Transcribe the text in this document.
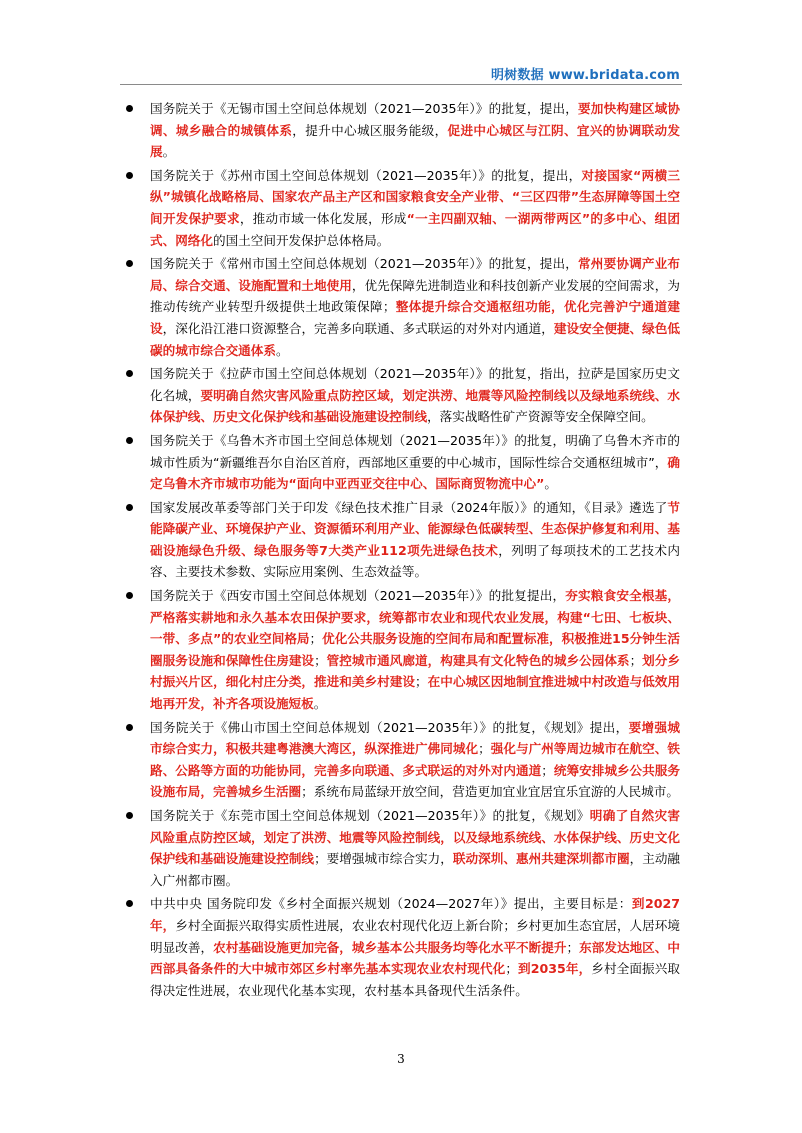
明树数据 www.bridata.com
国务院关于《无锡市国土空间总体规划（2021—2035年）》的批复，提出，要加快构建区域协调、城乡融合的城镇体系，提升中心城区服务能级，促进中心城区与江阴、宜兴的协调联动发展。
国务院关于《苏州市国土空间总体规划（2021—2035年）》的批复，提出，对接国家“两横三纵”城镇化战略格局、国家农产品主产区和国家粮食安全产业带、“三区四带”生态屏障等国土空间开发保护要求，推动市域一体化发展，形成“一主四副双轴、一湖两带两区”的多中心、组团式、网络化的国土空间开发保护总体格局。
国务院关于《常州市国土空间总体规划（2021—2035年）》的批复，提出，常州要协调产业布局、综合交通、设施配置和土地使用，优先保障先进制造业和科技创新产业发展的空间需求，为推动传统产业转型升级提供土地政策保障；整体提升综合交通枢纽功能，优化完善沪宁通道建设，深化沿江港口资源整合，完善多向联通、多式联运的对外对内通道，建设安全便捷、绿色低碳的城市综合交通体系。
国务院关于《拉萨市国土空间总体规划（2021—2035年）》的批复，指出，拉萨是国家历史文化名城，要明确自然灾害风险重点防控区域，划定洪涝、地震等风险控制线以及绿地系统线、水体保护线、历史文化保护线和基础设施建设控制线，落实战略性矿产资源等安全保障空间。
国务院关于《乌鲁木齐市国土空间总体规划（2021—2035年）》的批复，明确了乌鲁木齐市的城市性质为“新疆维吾尔自治区首府，西部地区重要的中心城市，国际性综合交通枢纽城市”，确定乌鲁木齐市城市功能为“面向中亚西亚交往中心、国际商贸物流中心”。
国家发展改革委等部门关于印发《绿色技术推广目录（2024年版）》的通知，《目录》遴选了节能降碳产业、环境保护产业、资源循环利用产业、能源绿色低碳转型、生态保护修复和利用、基础设施绿色升级、绿色服务等7大类产业112项先进绿色技术，列明了每项技术的工艺技术内容、主要技术参数、实际应用案例、生态效益等。
国务院关于《西安市国土空间总体规划（2021—2035年）》的批复提出，夯实粮食安全根基，严格落实耕地和永久基本农田保护要求，统筹都市农业和现代农业发展，构建“七田、七板块、一带、多点”的农业空间格局；优化公共服务设施的空间布局和配置标准，积极推进15分钟生活圈服务设施和保障性住房建设；管控城市通风廊道，构建具有文化特色的城乡公园体系；划分乡村振兴片区，细化村庄分类，推进和美乡村建设；在中心城区因地制宜推进城中村改造与低效用地再开发，补齐各项设施短板。
国务院关于《佛山市国土空间总体规划（2021—2035年）》的批复，《规划》提出，要增强城市综合实力，积极共建粤港澳大湾区，纵深推进广佛同城化；强化与广州等周边城市在航空、铁路、公路等方面的功能协同，完善多向联通、多式联运的对外对内通道；统筹安排城乡公共服务设施布局，完善城乡生活圈；系统布局蓝绿开放空间，营造更加宜业宜居宜乐宜游的人民城市。
国务院关于《东莞市国土空间总体规划（2021—2035年）》的批复，《规划》明确了自然灾害风险重点防控区域，划定了洪涝、地震等风险控制线，以及绿地系统线、水体保护线、历史文化保护线和基础设施建设控制线；要增强城市综合实力，联动深圳、惠州共建深圳都市圈，主动融入广州都市圈。
中共中央 国务院印发《乡村全面振兴规划（2024—2027年）》提出，主要目标是：到2027年，乡村全面振兴取得实质性进展，农业农村现代化迈上新台阶；乡村更加生态宜居，人居环境明显改善，农村基础设施更加完备，城乡基本公共服务均等化水平不断提升；东部发达地区、中西部具备条件的大中城市郊区乡村率先基本实现农业农村现代化；到2035年，乡村全面振兴取得决定性进展，农业现代化基本实现，农村基本具备现代生活条件。
3
